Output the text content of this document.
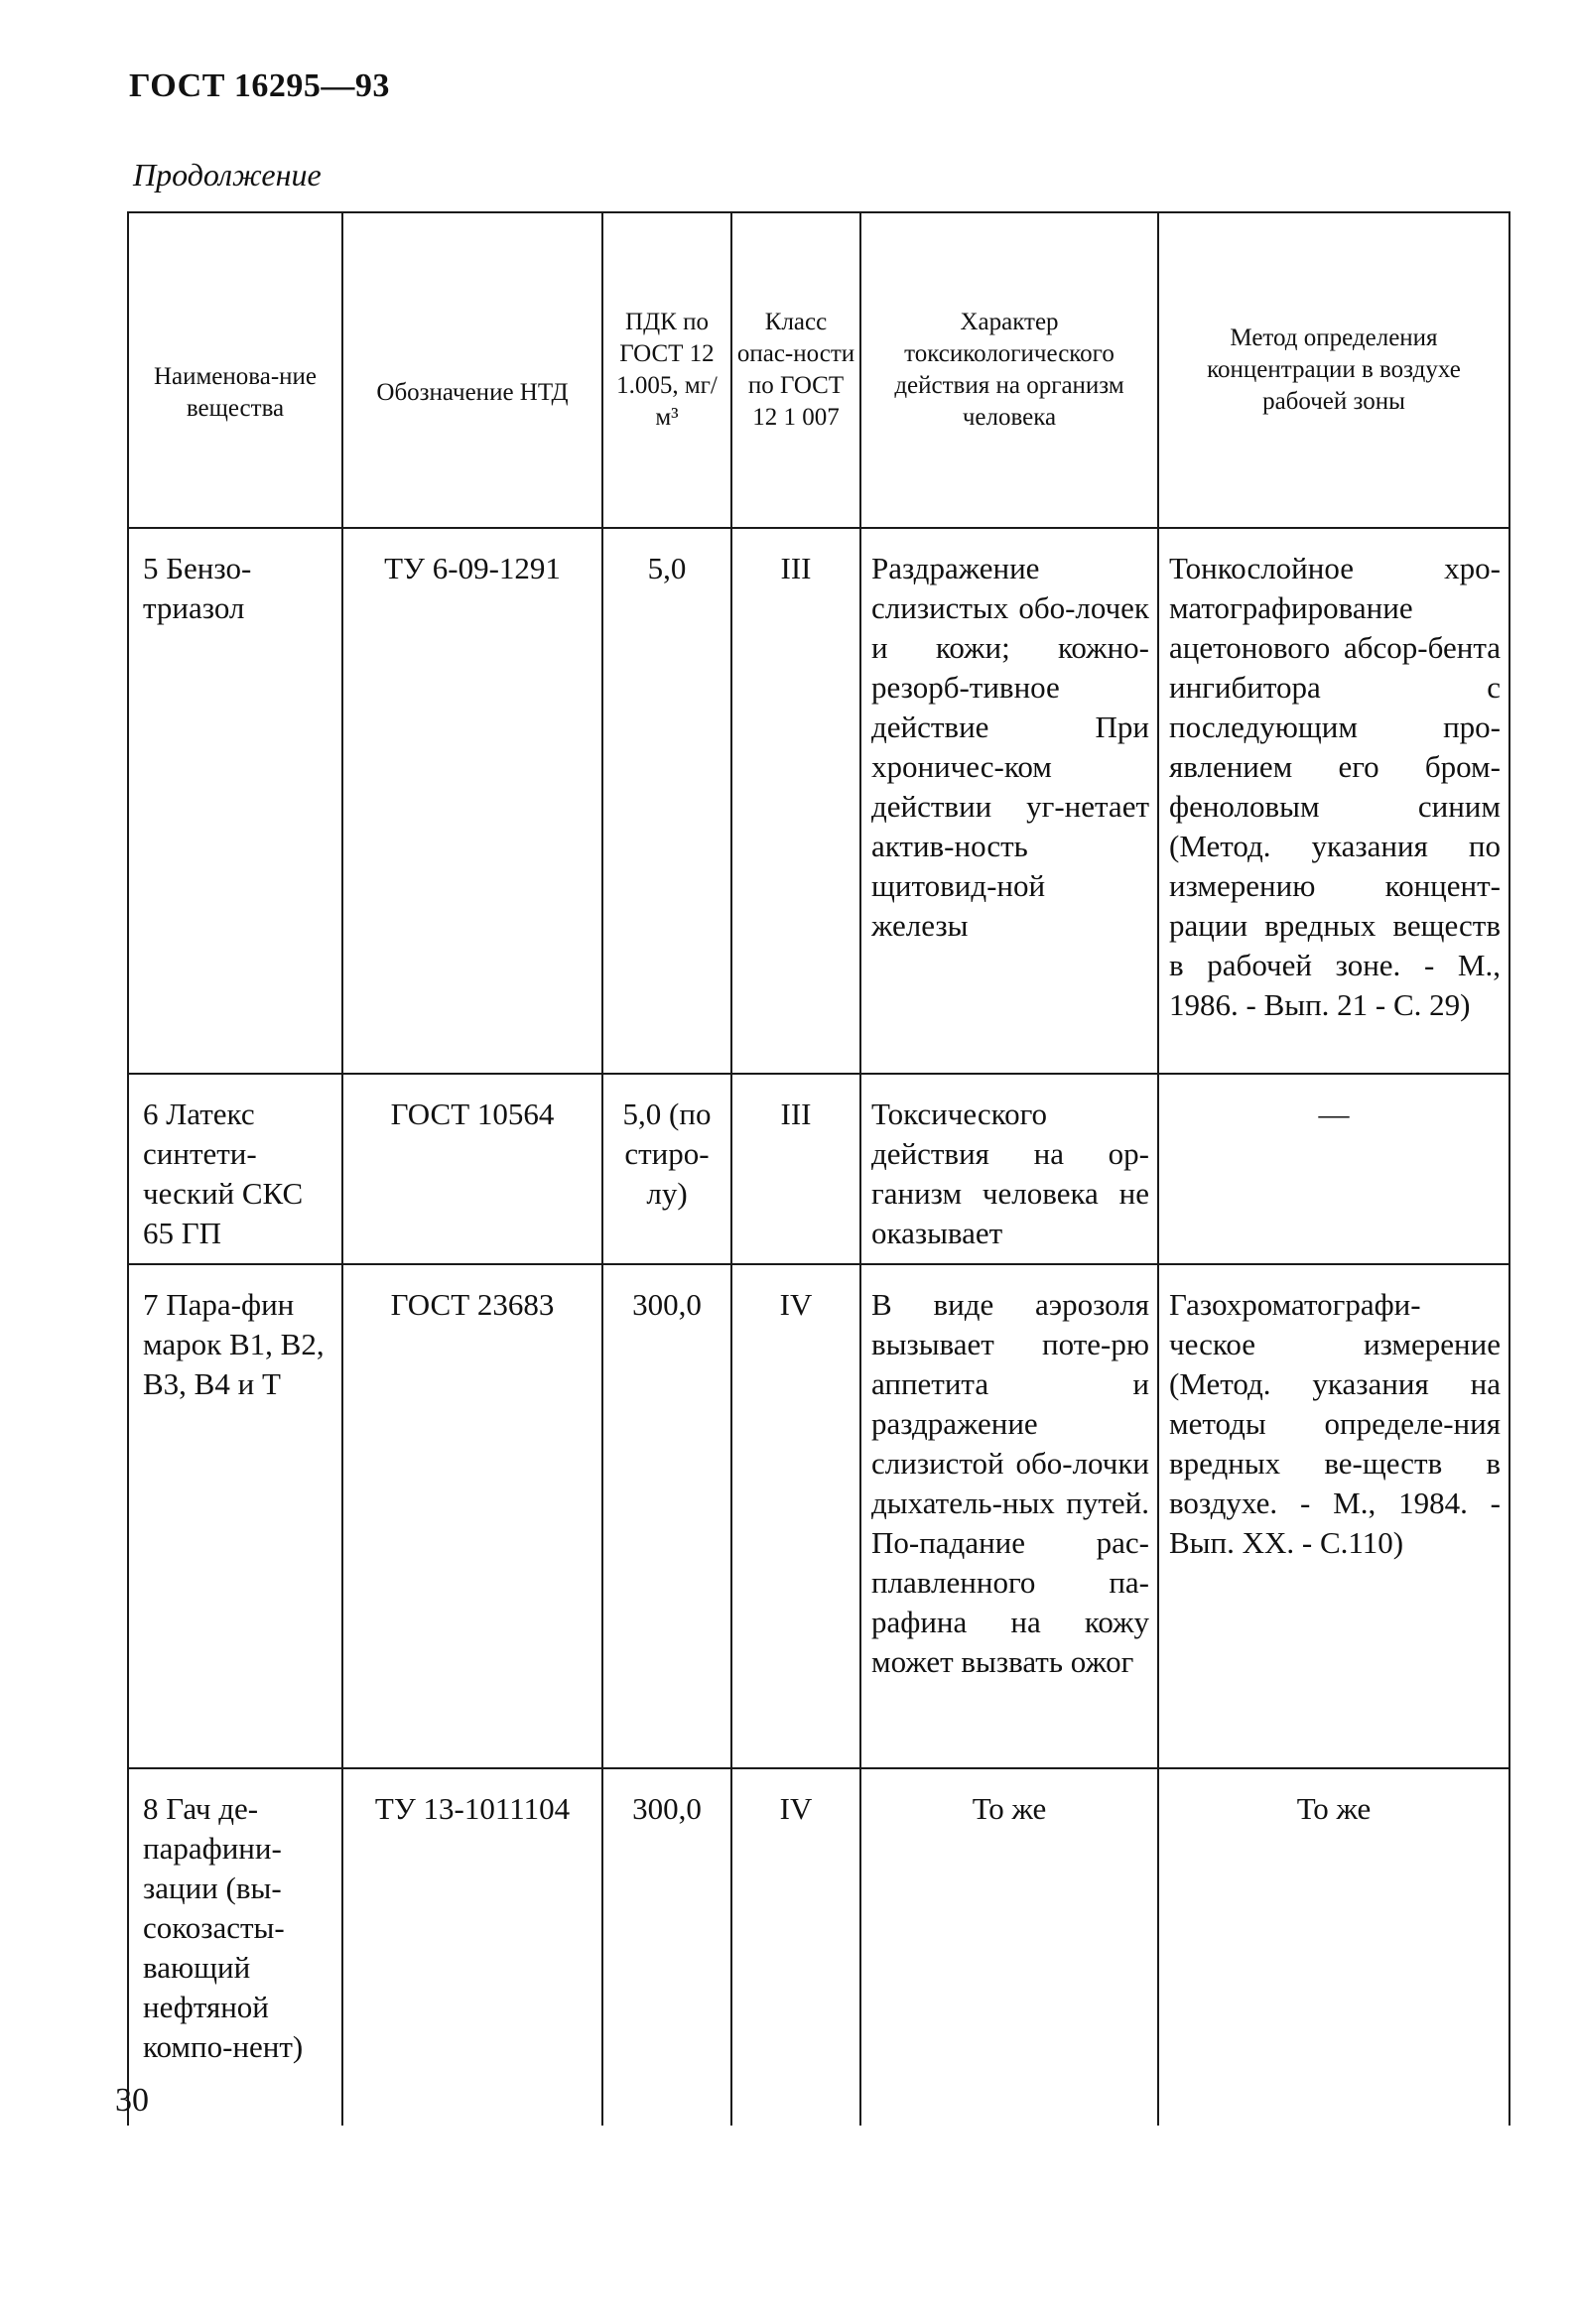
ГОСТ 16295—93
Продолжение
Наименова-ние вещества	Обозначение НТД	ПДК по ГОСТ 12 1.005, мг/м³	Класс опас-ности по ГОСТ 12 1 007	Характер токсикологического действия на организм человека	Метод определения концентрации в воздухе рабочей зоны

5 Бензо-триазол	ТУ 6-09-1291	5,0	III	Раздражение слизистых обо-лочек и кожи; кожно-резорб-тивное действие При хроничес-ком действии уг-нетает актив-ность щитовид-ной железы	Тонкослойное хро-матографирование ацетонового абсор-бента ингибитора с последующим про-явлением его бром-феноловым синим (Метод. указания по измерению концент-рации вредных веществ в рабочей зоне. - М., 1986. - Вып. 21 - С. 29)

6 Латекс синтети-ческий СКС 65 ГП	ГОСТ 10564	5,0 (по стиро-лу)	III	Токсического действия на ор-ганизм человека не оказывает	—

7 Пара-фин марок B1, B2, B3, B4 и Т	ГОСТ 23683	300,0	IV	В виде аэрозоля вызывает поте-рю аппетита и раздражение слизистой обо-лочки дыхатель-ных путей. По-падание рас-плавленного па-рафина на кожу может вызвать ожог	Газохроматографи-ческое измерение (Метод. указания на методы определе-ния вредных ве-ществ в воздухе. - М., 1984. - Вып. XX. - С.110)

8 Гач де-парафини-зации (вы-сокозасты-вающий нефтяной компо-нент)	ТУ 13-1011104	300,0	IV	То же	То же
30
